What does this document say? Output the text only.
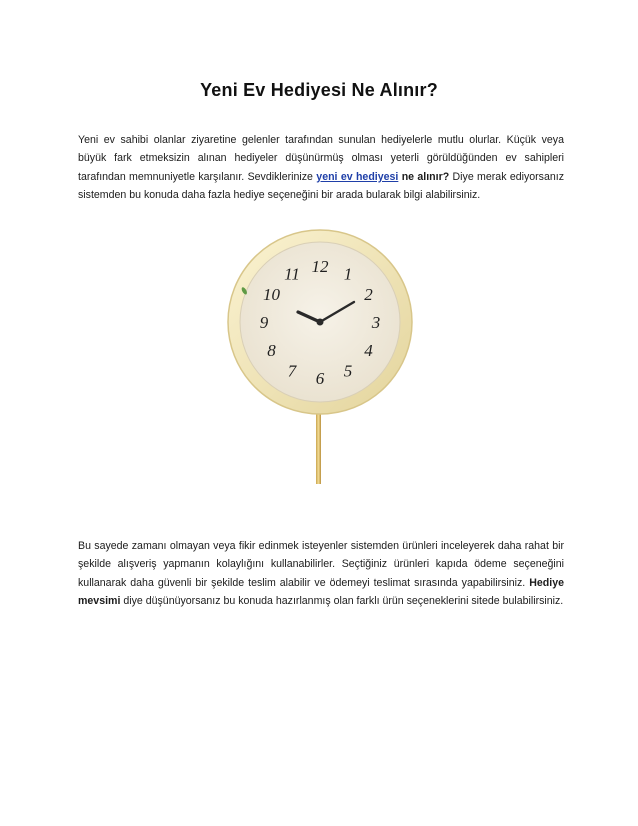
Yeni Ev Hediyesi Ne Alınır?
Yeni ev sahibi olanlar ziyaretine gelenler tarafından sunulan hediyelerle mutlu olurlar. Küçük veya büyük fark etmeksizin alınan hediyeler düşünürmüş olması yeterli görüldüğünden ev sahipleri tarafından memnuniyetle karşılanır. Sevdiklerinize yeni ev hediyesi ne alınır? Diye merak ediyorsanız sistemden bu konuda daha fazla hediye seçeneğini bir arada bularak bilgi alabilirsiniz.
12 1
2
3
4
5
6
7
8
9
10
11
Bu sayede zamanı olmayan veya fikir edinmek isteyenler sistemden ürünleri inceleyerek daha rahat bir şekilde alışveriş yapmanın kolaylığını kullanabilirler. Seçtiğiniz ürünleri kapıda ödeme seçeneğini kullanarak daha güvenli bir şekilde teslim alabilir ve ödemeyi teslimat sırasında yapabilirsiniz. Hediye mevsimi diye düşünüyorsanız bu konuda hazırlanmış olan farklı ürün seçeneklerini sitede bulabilirsiniz.
